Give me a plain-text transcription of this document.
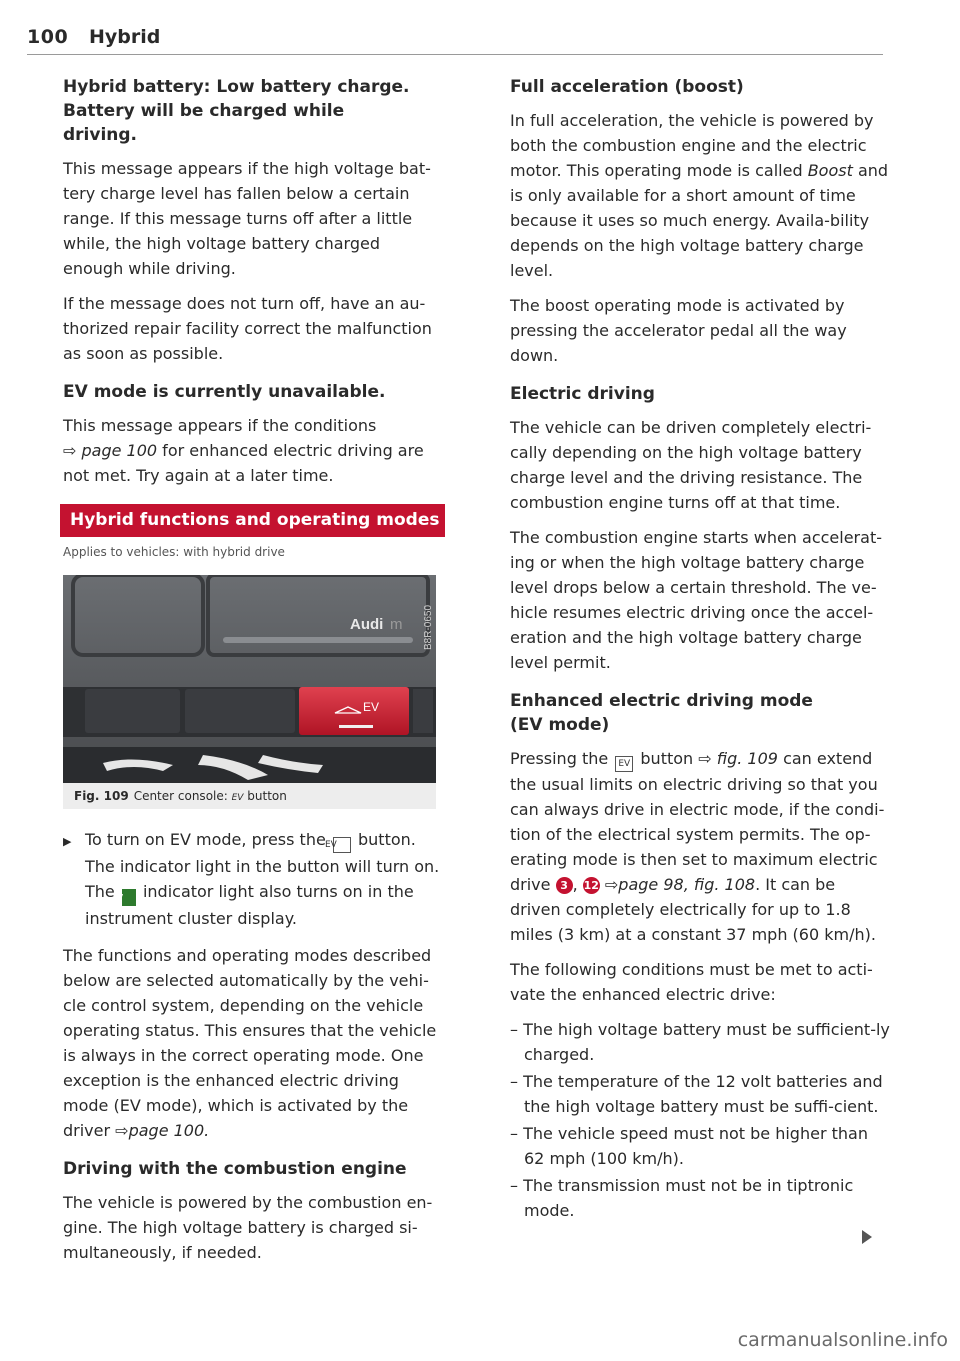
100 Hybrid
Hybrid battery: Low battery charge. Battery will be charged while driving.

This message appears if the high voltage bat-tery charge level has fallen below a certain range. If this message turns off after a little while, the high voltage battery charged enough while driving.

If the message does not turn off, have an au-thorized repair facility correct the malfunction as soon as possible.

EV mode is currently unavailable.

This message appears if the conditions
⇨ page 100 for enhanced electric driving are not met. Try again at a later time.

Hybrid functions and operating modes
Applies to vehicles: with hybrid drive
Audi m B8R-0650
EV
Fig. 109 Center console: EV button
▶ To turn on EV mode, press the EV button. The indicator light in the button will turn on. The EV indicator light also turns on in the instrument cluster display.

The functions and operating modes described below are selected automatically by the vehi-cle control system, depending on the vehicle operating status. This ensures that the vehicle is always in the correct operating mode. One exception is the enhanced electric driving mode (EV mode), which is activated by the driver ⇨page 100.

Driving with the combustion engine

The vehicle is powered by the combustion en-gine. The high voltage battery is charged si-multaneously, if needed.

Full acceleration (boost)

In full acceleration, the vehicle is powered by both the combustion engine and the electric motor. This operating mode is called Boost and is only available for a short amount of time because it uses so much energy. Availa-bility depends on the high voltage battery charge level.

The boost operating mode is activated by pressing the accelerator pedal all the way down.

Electric driving

The vehicle can be driven completely electri-cally depending on the high voltage battery charge level and the driving resistance. The combustion engine turns off at that time.

The combustion engine starts when accelerat-ing or when the high voltage battery charge level drops below a certain threshold. The ve-hicle resumes electric driving once the accel-eration and the high voltage battery charge level permit.

Enhanced electric driving mode (EV mode)

Pressing the EV button ⇨ fig. 109 can extend the usual limits on electric driving so that you can always drive in electric mode, if the condi-tion of the electrical system permits. The op-erating mode is then set to maximum electric drive 3 , 12 ⇨page 98, fig. 108. It can be driven completely electrically for up to 1.8 miles (3 km) at a constant 37 mph (60 km/h).

The following conditions must be met to acti-vate the enhanced electric drive:

– The high voltage battery must be sufficient-ly charged.
– The temperature of the 12 volt batteries and the high voltage battery must be suffi-cient.
– The vehicle speed must not be higher than 62 mph (100 km/h).
– The transmission must not be in tiptronic mode.
carmanualsonline.info
